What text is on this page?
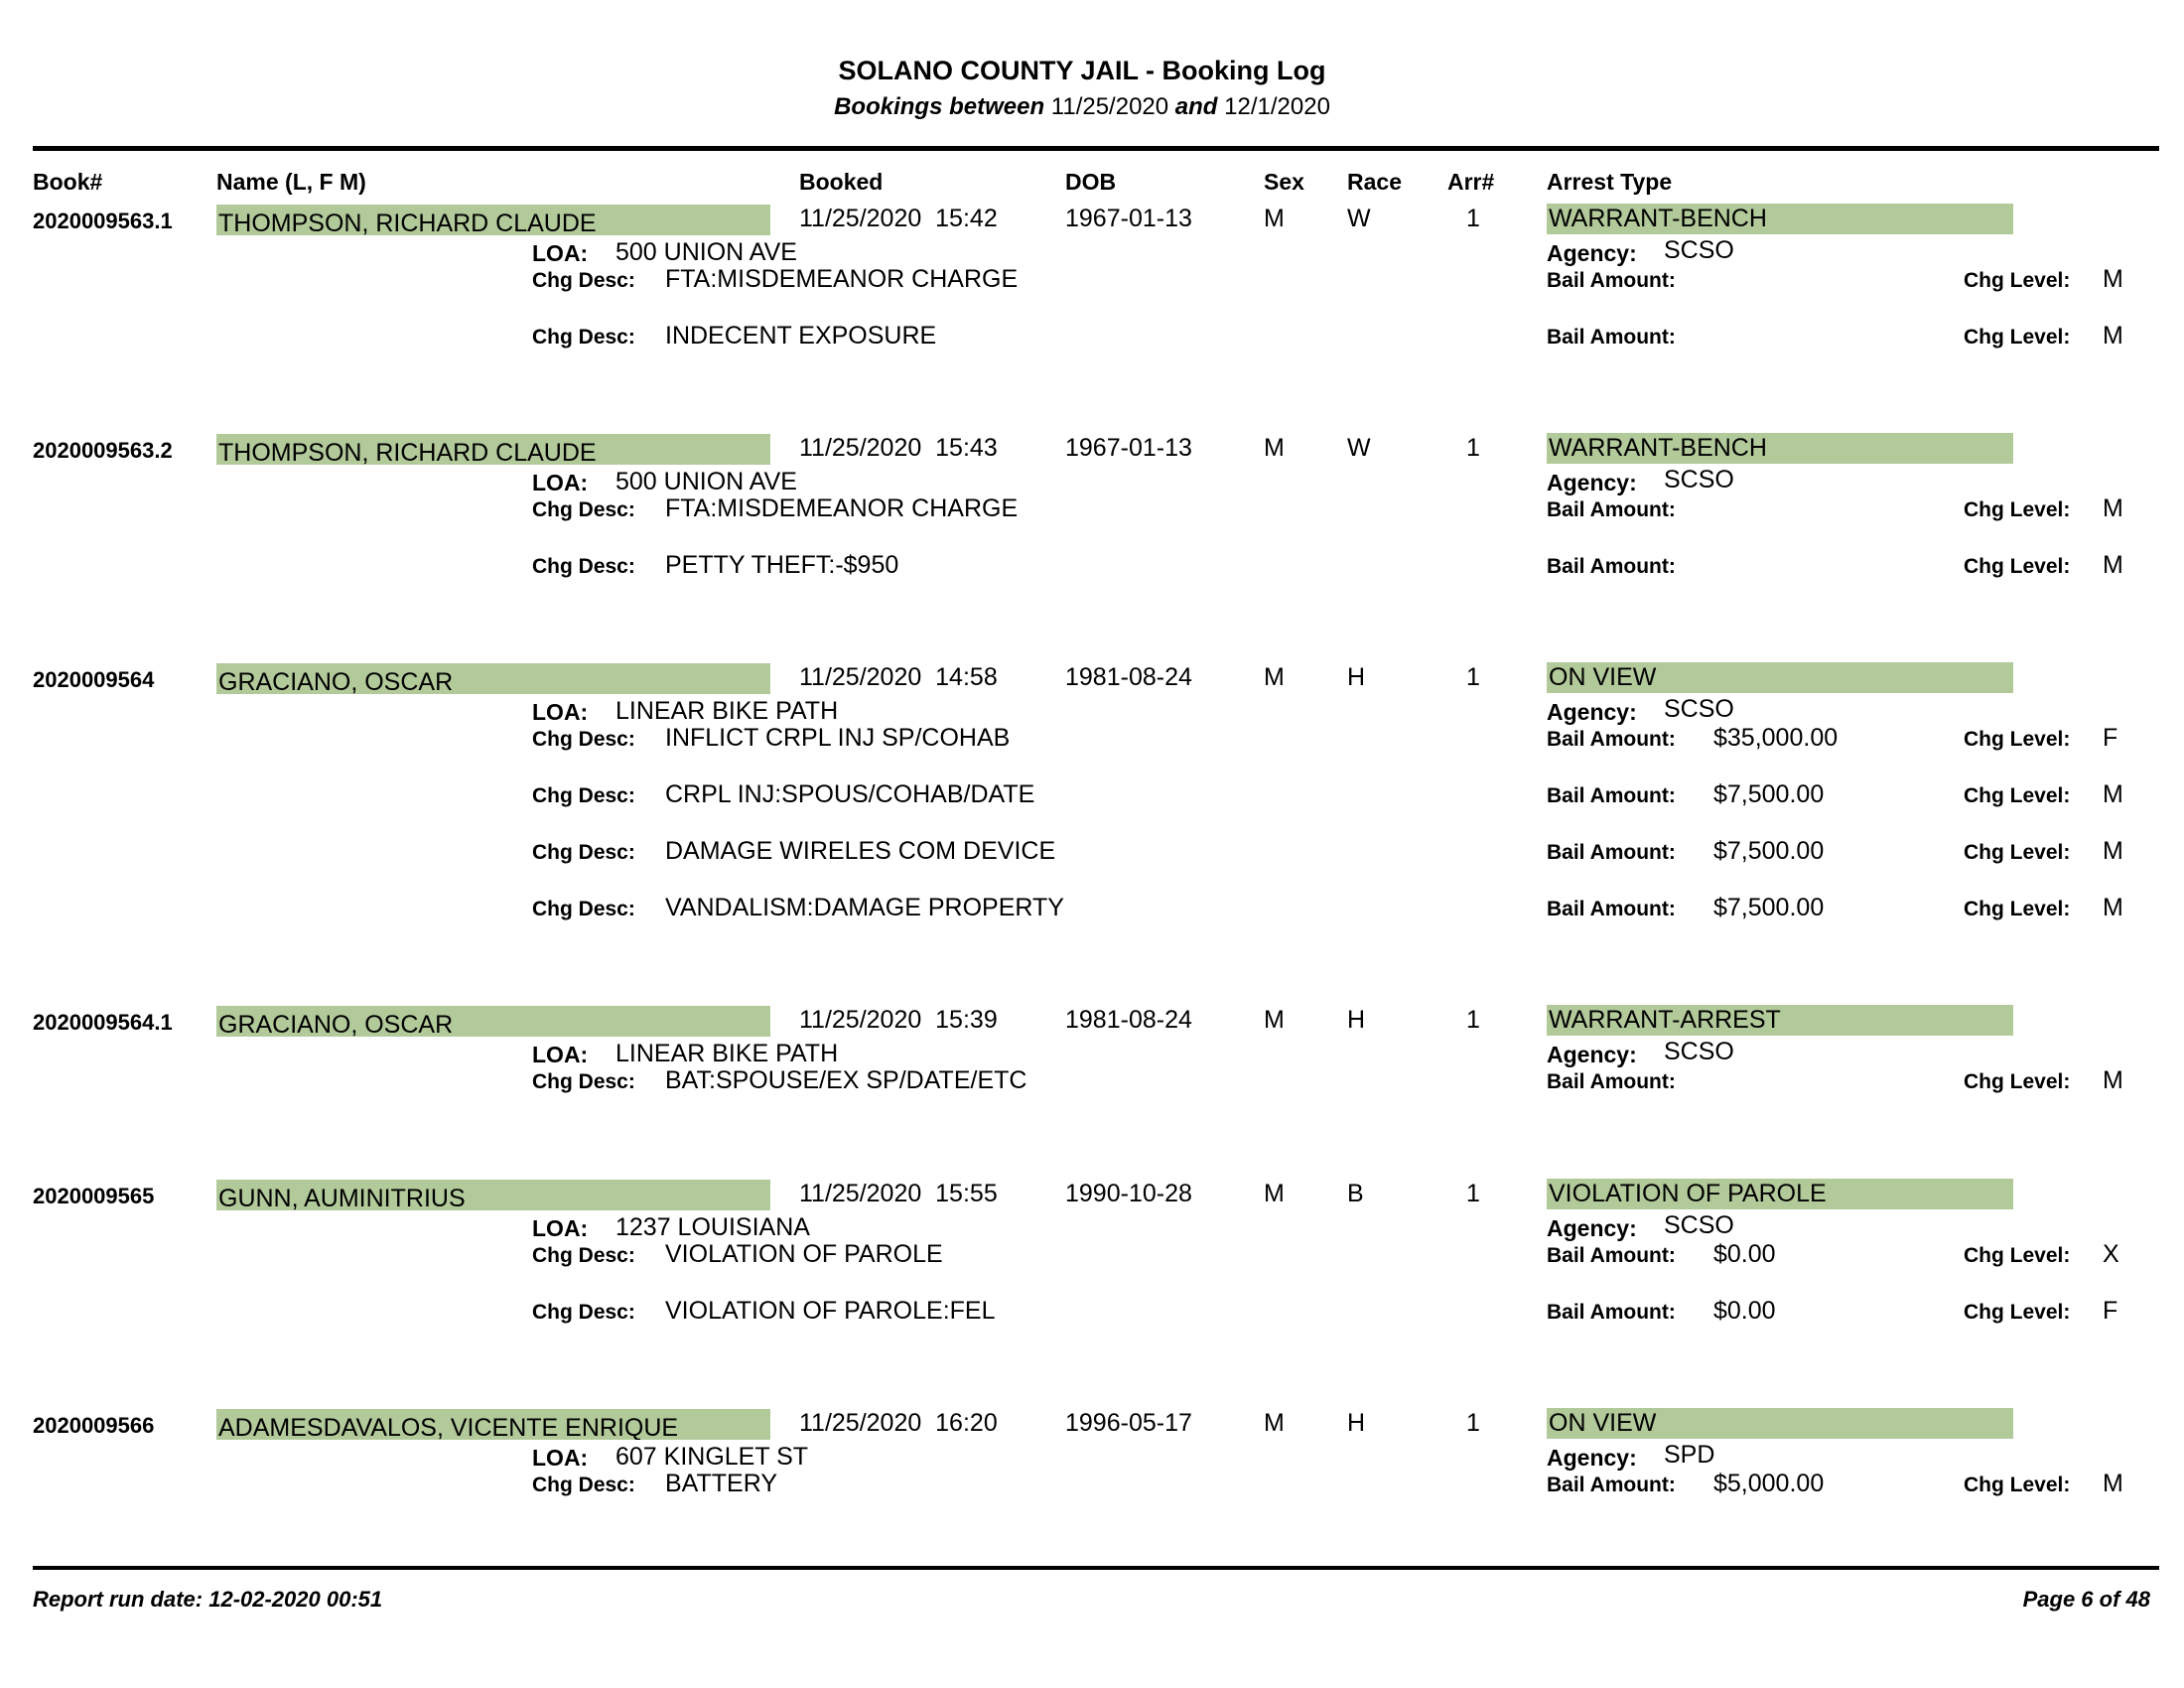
SOLANO COUNTY JAIL - Booking Log
Bookings between 11/25/2020 and 12/1/2020
Book#	Name (L, F M)	Booked	DOB	Sex Race Arr# Arrest Type
2020009563.1 THOMPSON, RICHARD CLAUDE	11/25/2020  15:42	1967-01-13	M	W	1	WARRANT-BENCH
LOA: 500 UNION AVE	Agency: SCSO
Chg Desc: FTA:MISDEMEANOR CHARGE	Bail Amount:	Chg Level: M
Chg Desc: INDECENT EXPOSURE	Bail Amount:	Chg Level: M
2020009563.2 THOMPSON, RICHARD CLAUDE	11/25/2020  15:43	1967-01-13	M	W	1	WARRANT-BENCH
LOA: 500 UNION AVE	Agency: SCSO
Chg Desc: FTA:MISDEMEANOR CHARGE	Bail Amount:	Chg Level: M
Chg Desc: PETTY THEFT:-$950	Bail Amount:	Chg Level: M
2020009564	GRACIANO, OSCAR	11/25/2020  14:58	1981-08-24	M	H	1	ON VIEW
LOA: LINEAR BIKE PATH	Agency: SCSO
Chg Desc: INFLICT CRPL INJ SP/COHAB	Bail Amount: $35,000.00	Chg Level: F
Chg Desc: CRPL INJ:SPOUS/COHAB/DATE	Bail Amount: $7,500.00	Chg Level: M
Chg Desc: DAMAGE WIRELES COM DEVICE	Bail Amount: $7,500.00	Chg Level: M
Chg Desc: VANDALISM:DAMAGE PROPERTY	Bail Amount: $7,500.00	Chg Level: M
2020009564.1 GRACIANO, OSCAR	11/25/2020  15:39	1981-08-24	M	H	1	WARRANT-ARREST
LOA: LINEAR BIKE PATH	Agency: SCSO
Chg Desc: BAT:SPOUSE/EX SP/DATE/ETC	Bail Amount:	Chg Level: M
2020009565	GUNN, AUMINITRIUS	11/25/2020  15:55	1990-10-28	M	B	1	VIOLATION OF PAROLE
LOA: 1237 LOUISIANA	Agency: SCSO
Chg Desc: VIOLATION OF PAROLE	Bail Amount: $0.00	Chg Level: X
Chg Desc: VIOLATION OF PAROLE:FEL	Bail Amount: $0.00	Chg Level: F
2020009566	ADAMESDAVALOS, VICENTE ENRIQUE	11/25/2020  16:20	1996-05-17	M	H	1	ON VIEW
LOA: 607 KINGLET ST	Agency: SPD
Chg Desc: BATTERY	Bail Amount: $5,000.00	Chg Level: M
Report run date: 12-02-2020 00:51	Page 6 of 48
